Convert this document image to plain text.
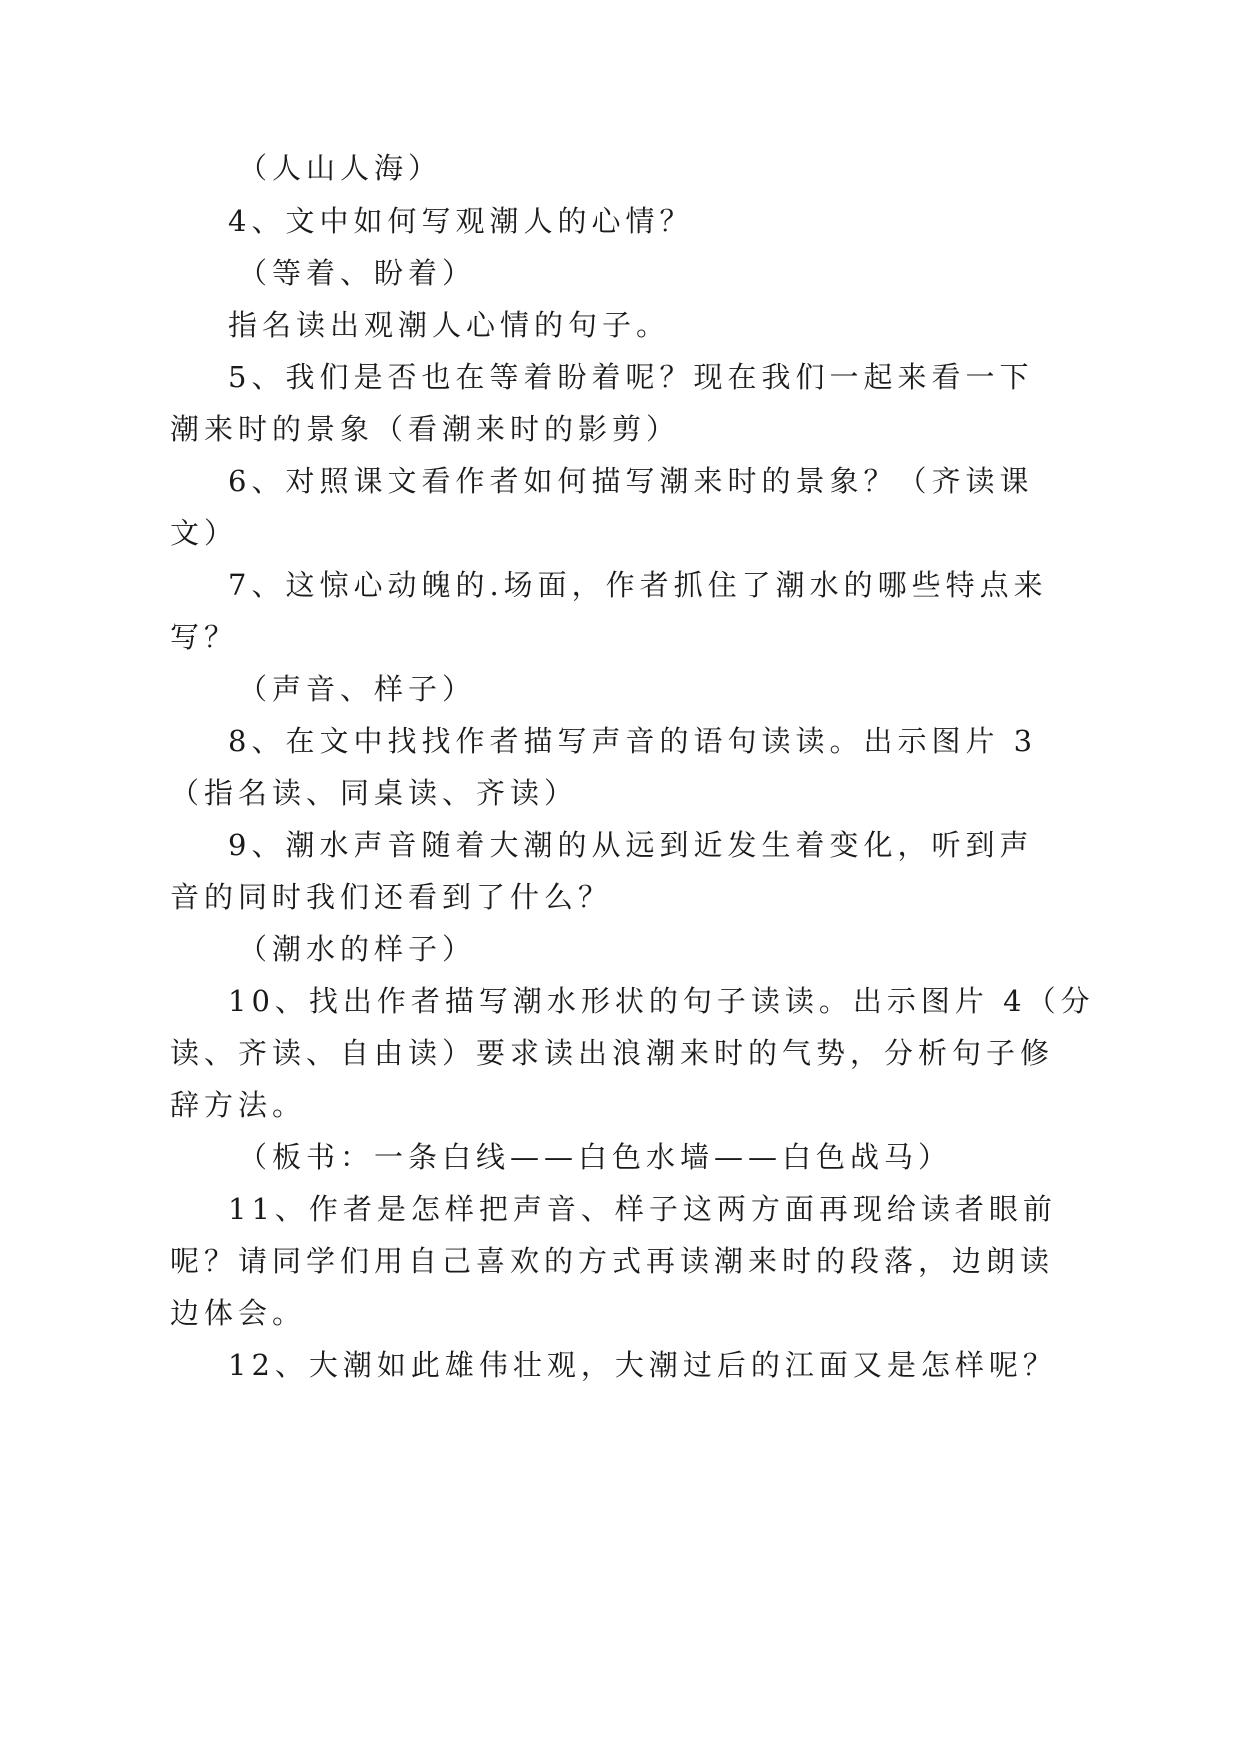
（人山人海）
4、文中如何写观潮人的心情？
（等着、盼着）
指名读出观潮人心情的句子。
5、我们是否也在等着盼着呢？现在我们一起来看一下
潮来时的景象（看潮来时的影剪）
6、对照课文看作者如何描写潮来时的景象？（齐读课
文）
7、这惊心动魄的.场面，作者抓住了潮水的哪些特点来
写？
（声音、样子）
8、在文中找找作者描写声音的语句读读。出示图片 3
（指名读、同桌读、齐读）
9、潮水声音随着大潮的从远到近发生着变化，听到声
音的同时我们还看到了什么？
（潮水的样子）
10、找出作者描写潮水形状的句子读读。出示图片 4（分
读、齐读、自由读）要求读出浪潮来时的气势，分析句子修
辞方法。
（板书：一条白线——白色水墙——白色战马）
11、作者是怎样把声音、样子这两方面再现给读者眼前
呢？请同学们用自己喜欢的方式再读潮来时的段落，边朗读
边体会。
12、大潮如此雄伟壮观，大潮过后的江面又是怎样呢？
